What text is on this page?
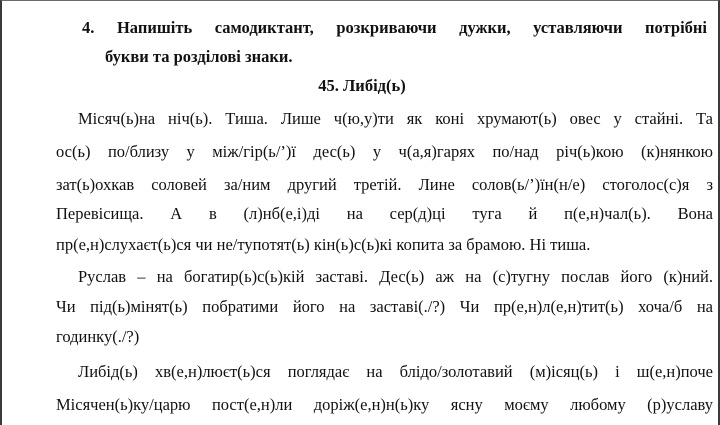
4. Напишіть самодиктант, розкриваючи дужки, уставляючи потрібні
букви та розділові знаки.
45. Либід(ь)
Місяч(ь)на ніч(ь). Тиша. Лише ч(ю,у)ти як коні хрумают(ь) овес у стайні. Та
ос(ь) по/близу у між/гір(ь/’)ї дес(ь) у ч(а,я)гарях по/над річ(ь)кою (к)нянкою
зат(ь)охкав соловей за/ним другий третій. Лине солов(ь/’)їн(н/е) стоголос(с)я з
Перевісища. А в (л)нб(е,і)ді на сер(д)ці туга й п(е,н)чал(ь). Вона
пр(е,н)слухаєт(ь)ся чи не/тупотят(ь) кін(ь)с(ь)кі копита за брамою. Ні тиша.
Руслав – на богатир(ь)с(ь)кій заставі. Дес(ь) аж на (с)тугну послав його (к)ний.
Чи під(ь)мінят(ь) побратими його на заставі(./?) Чи пр(е,н)л(е,н)тит(ь) хоча/б на
годинку(./?)
Либід(ь) хв(е,н)люєт(ь)ся поглядає на блідо/золотавий (м)ісяц(ь) і ш(е,н)поче
Місячен(ь)ку/царю пост(е,н)ли доріж(е,н)н(ь)ку ясну моєму любому (р)уславу
